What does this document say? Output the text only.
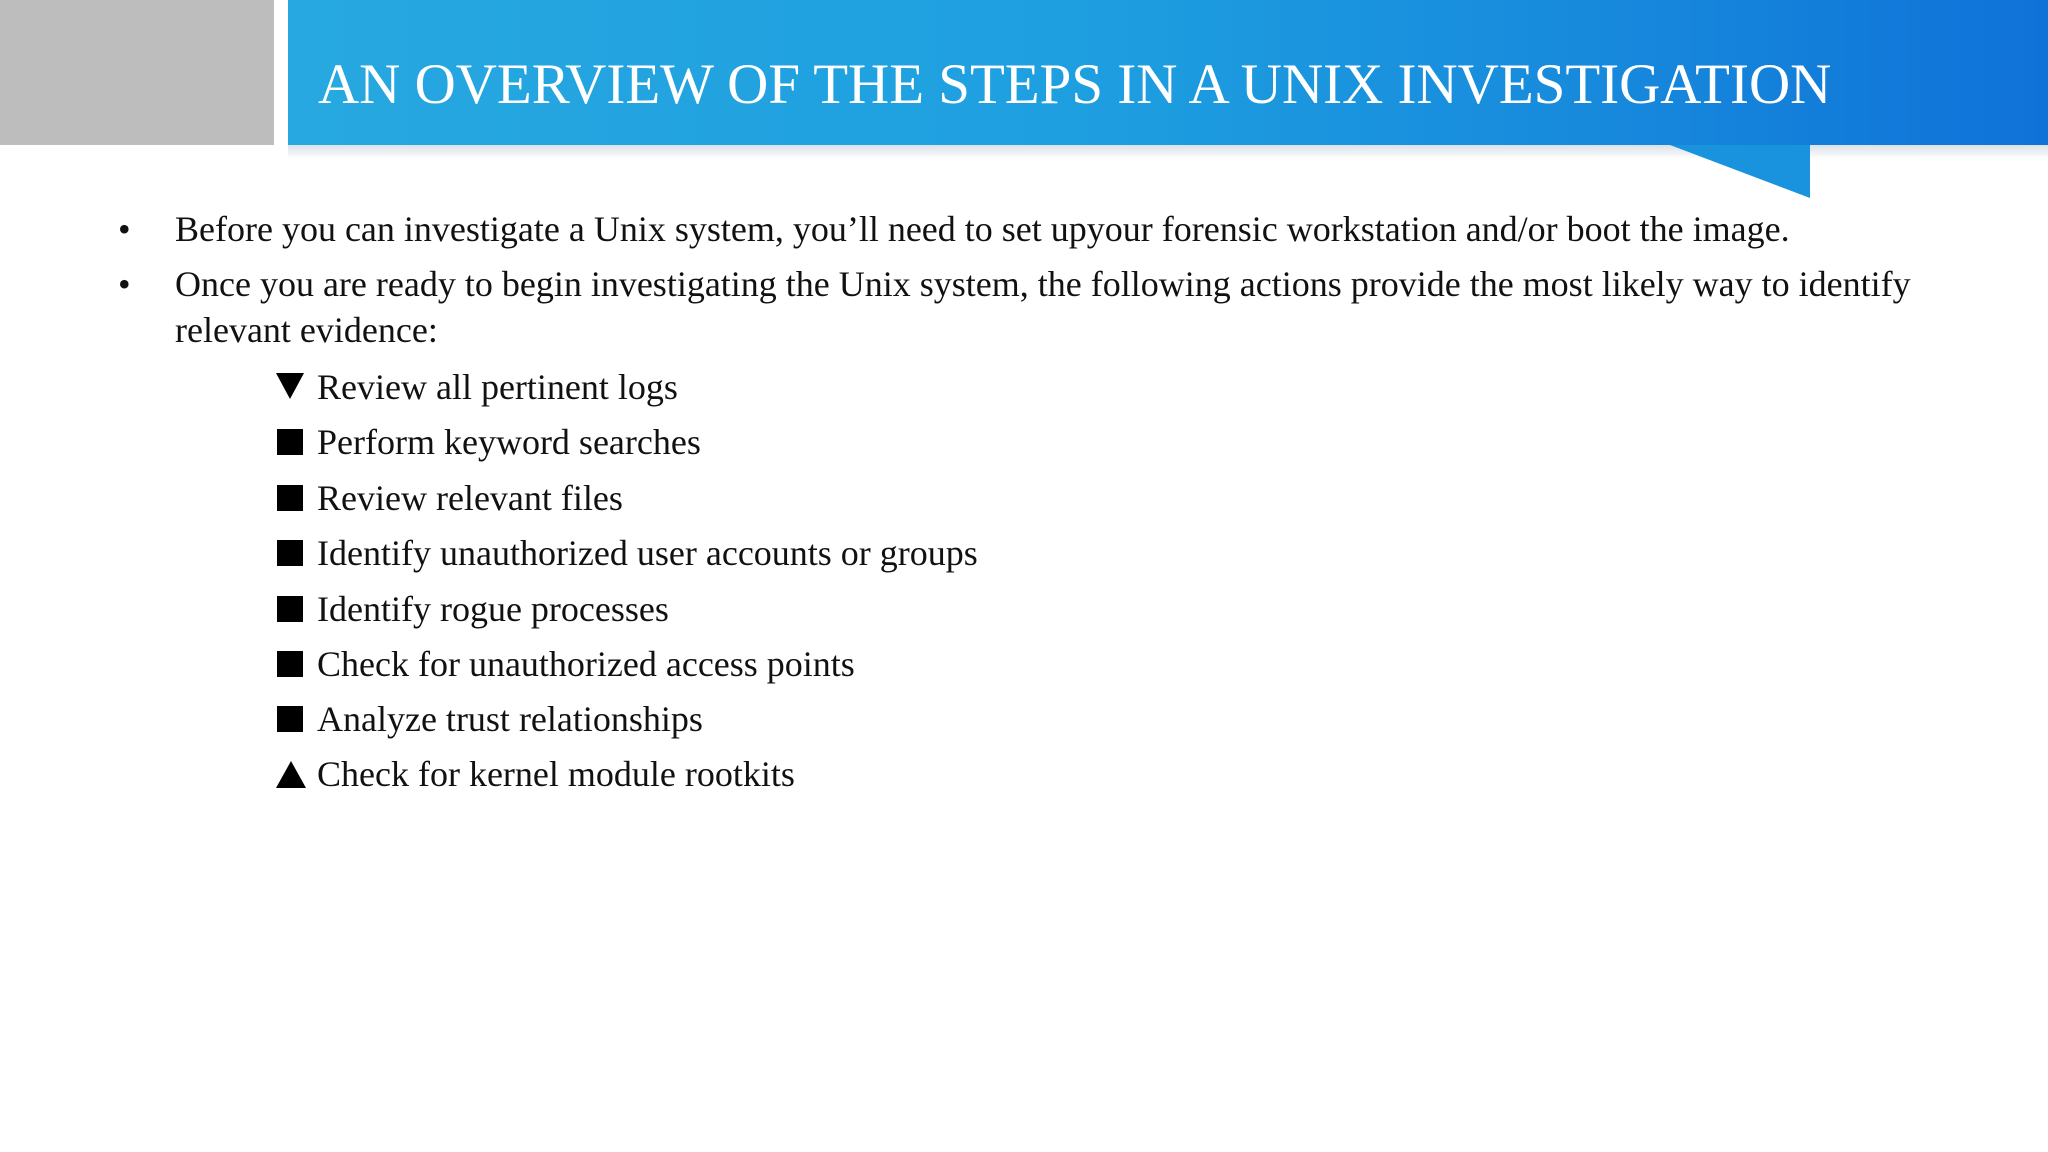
AN OVERVIEW OF THE STEPS IN A UNIX INVESTIGATION
• Before you can investigate a Unix system, you’ll need to set upyour forensic workstation and/or boot the image.
• Once you are ready to begin investigating the Unix system, the following actions provide the most likely way to identify relevant evidence:
Review all pertinent logs
Perform keyword searches
Review relevant files
Identify unauthorized user accounts or groups
Identify rogue processes
Check for unauthorized access points
Analyze trust relationships
Check for kernel module rootkits
